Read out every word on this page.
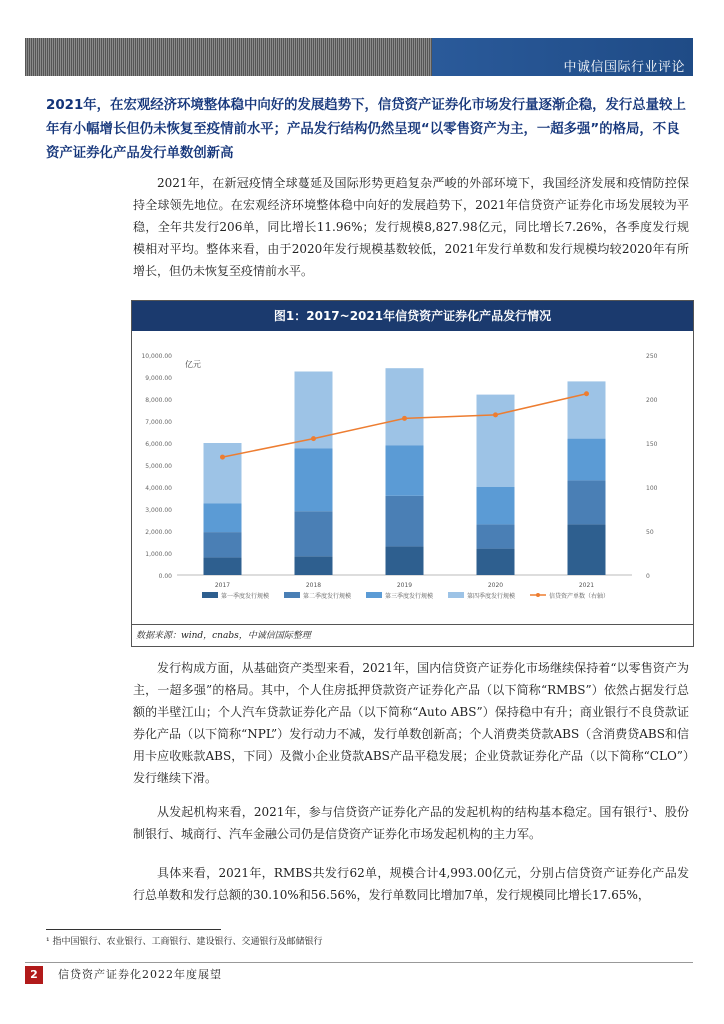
中诚信国际行业评论
2021年，在宏观经济环境整体稳中向好的发展趋势下，信贷资产证券化市场发行量逐渐企稳，发行总量较上年有小幅增长但仍未恢复至疫情前水平；产品发行结构仍然呈现“以零售资产为主，一超多强”的格局，不良资产证券化产品发行单数创新高
2021年，在新冠疫情全球蔓延及国际形势更趋复杂严峻的外部环境下，我国经济发展和疫情防控保持全球领先地位。在宏观经济环境整体稳中向好的发展趋势下，2021年信贷资产证券化市场发展较为平稳，全年共发行206单，同比增长11.96%；发行规模8,827.98亿元，同比增长7.26%，各季度发行规模相对平均。整体来看，由于2020年发行规模基数较低，2021年发行单数和发行规模均较2020年有所增长，但仍未恢复至疫情前水平。
图1：2017~2021年信贷资产证券化产品发行情况
10,000.00
9,000.00
8,000.00
7,000.00
6,000.00
5,000.00
4,000.00
3,000.00
2,000.00
1,000.00
0.00
250
200
150
100
50
0
亿元
2017	2018	2019	2020	2021
第一季度发行规模	第二季度发行规模	第三季度发行规模	第四季度发行规模	信贷资产单数（右轴）
数据来源：wind，cnabs，中诚信国际整理
发行构成方面，从基础资产类型来看，2021年，国内信贷资产证券化市场继续保持着“以零售资产为主，一超多强”的格局。其中，个人住房抵押贷款资产证券化产品（以下简称“RMBS”）依然占据发行总额的半壁江山；个人汽车贷款证券化产品（以下简称“Auto ABS”）保持稳中有升；商业银行不良贷款证券化产品（以下简称“NPL”）发行动力不减，发行单数创新高；个人消费类贷款ABS（含消费贷ABS和信用卡应收账款ABS，下同）及微小企业贷款ABS产品平稳发展；企业贷款证券化产品（以下简称“CLO”）发行继续下滑。
从发起机构来看，2021年，参与信贷资产证券化产品的发起机构的结构基本稳定。国有银行¹、股份制银行、城商行、汽车金融公司仍是信贷资产证券化市场发起机构的主力军。
具体来看，2021年，RMBS共发行62单，规模合计4,993.00亿元，分别占信贷资产证券化产品发行总单数和发行总额的30.10%和56.56%，发行单数同比增加7单，发行规模同比增长17.65%，
¹ 指中国银行、农业银行、工商银行、建设银行、交通银行及邮储银行
2	信贷资产证券化2022年度展望
